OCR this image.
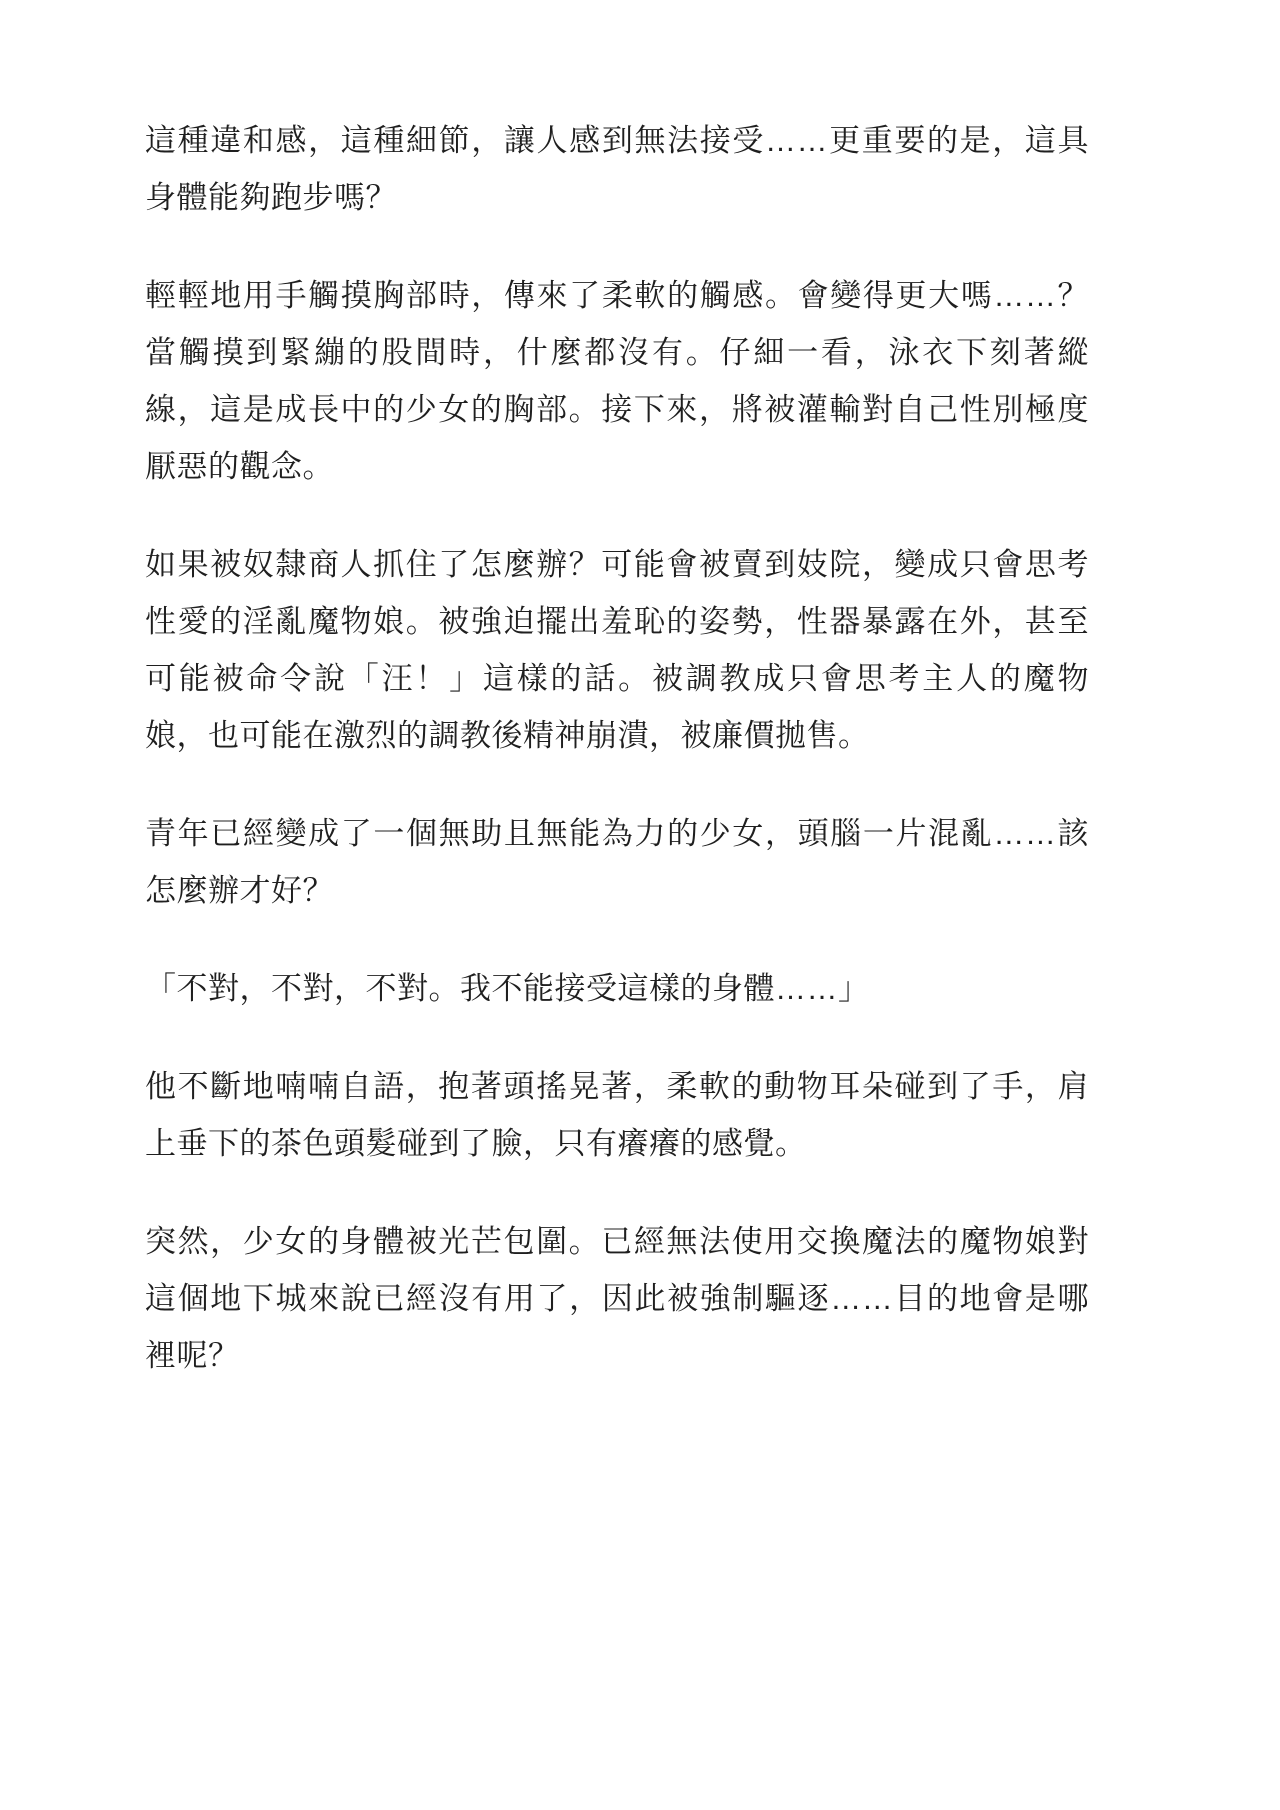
這種違和感，這種細節，讓人感到無法接受……更重要的是，這具身體能夠跑步嗎？

輕輕地用手觸摸胸部時，傳來了柔軟的觸感。會變得更大嗎……？當觸摸到緊繃的股間時，什麼都沒有。仔細一看，泳衣下刻著縱線，這是成長中的少女的胸部。接下來，將被灌輸對自己性別極度厭惡的觀念。

如果被奴隸商人抓住了怎麼辦？可能會被賣到妓院，變成只會思考性愛的淫亂魔物娘。被強迫擺出羞恥的姿勢，性器暴露在外，甚至可能被命令說「汪！」這樣的話。被調教成只會思考主人的魔物娘，也可能在激烈的調教後精神崩潰，被廉價拋售。

青年已經變成了一個無助且無能為力的少女，頭腦一片混亂……該怎麼辦才好？

「不對，不對，不對。我不能接受這樣的身體……」

他不斷地喃喃自語，抱著頭搖晃著，柔軟的動物耳朵碰到了手，肩上垂下的茶色頭髮碰到了臉，只有癢癢的感覺。

突然，少女的身體被光芒包圍。已經無法使用交換魔法的魔物娘對這個地下城來說已經沒有用了，因此被強制驅逐……目的地會是哪裡呢？
